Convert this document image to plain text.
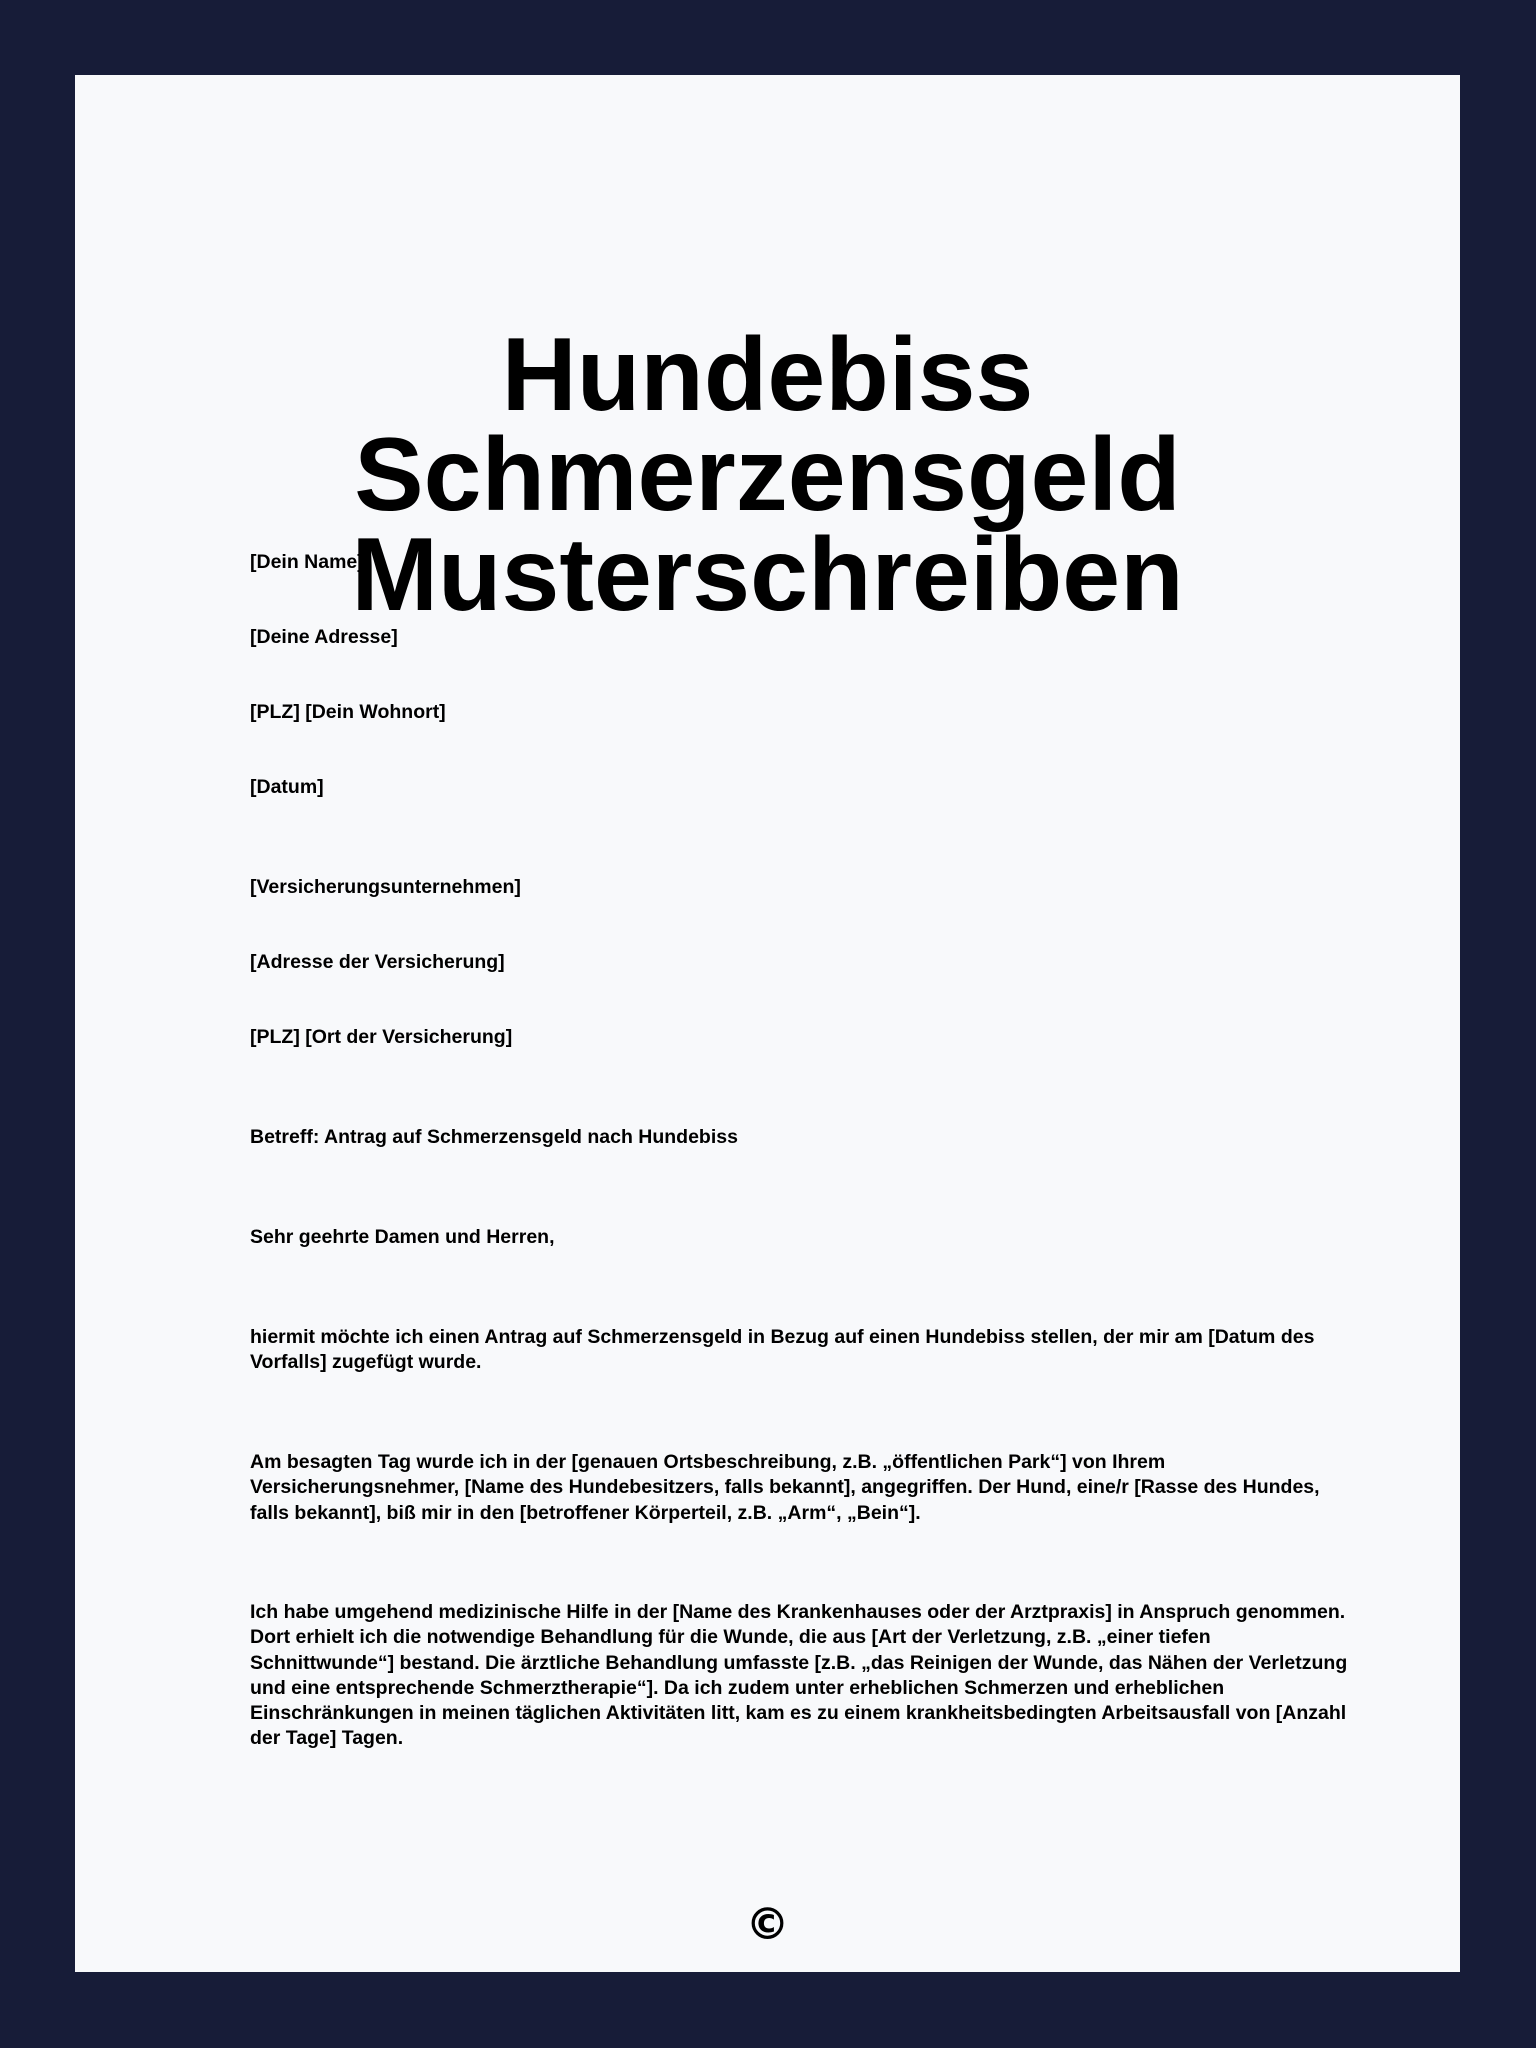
Hundebiss Schmerzensgeld
Musterschreiben

[Dein Name]

[Deine Adresse]

[PLZ] [Dein Wohnort]

[Datum]

[Versicherungsunternehmen]

[Adresse der Versicherung]

[PLZ] [Ort der Versicherung]

Betreff: Antrag auf Schmerzensgeld nach Hundebiss

Sehr geehrte Damen und Herren,

hiermit möchte ich einen Antrag auf Schmerzensgeld in Bezug auf einen Hundebiss stellen, der mir am [Datum des Vorfalls] zugefügt wurde.

Am besagten Tag wurde ich in der [genauen Ortsbeschreibung, z.B. „öffentlichen Park“] von Ihrem Versicherungsnehmer, [Name des Hundebesitzers, falls bekannt], angegriffen. Der Hund, eine/r [Rasse des Hundes, falls bekannt], biß mir in den [betroffener Körperteil, z.B. „Arm“, „Bein“].

Ich habe umgehend medizinische Hilfe in der [Name des Krankenhauses oder der Arztpraxis] in Anspruch genommen. Dort erhielt ich die notwendige Behandlung für die Wunde, die aus [Art der Verletzung, z.B. „einer tiefen Schnittwunde“] bestand. Die ärztliche Behandlung umfasste [z.B. „das Reinigen der Wunde, das Nähen der Verletzung und eine entsprechende Schmerztherapie“]. Da ich zudem unter erheblichen Schmerzen und erheblichen Einschränkungen in meinen täglichen Aktivitäten litt, kam es zu einem krankheitsbedingten Arbeitsausfall von [Anzahl der Tage] Tagen.

©
